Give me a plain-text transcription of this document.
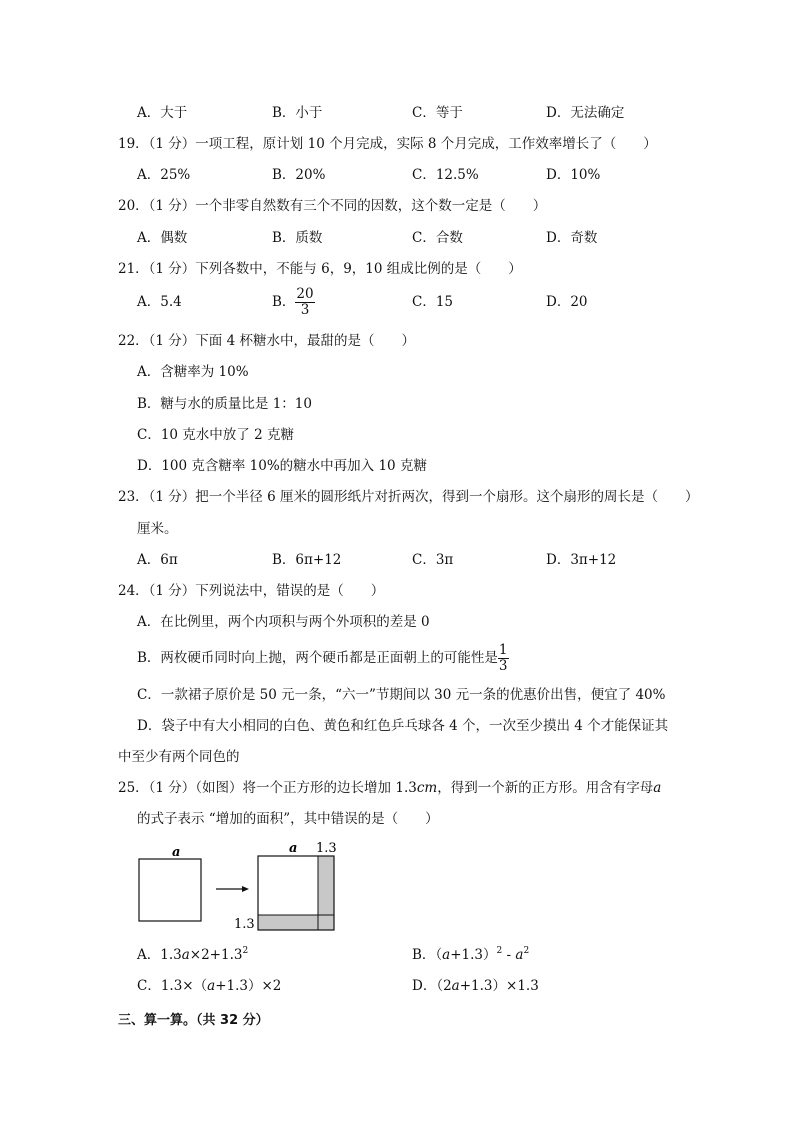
A．大于	B．小于	C．等于	D．无法确定
19．（1 分）一项工程，原计划 10 个月完成，实际 8 个月完成，工作效率增长了（　　）
A．25%	B．20%	C．12.5%	D．10%
20．（1 分）一个非零自然数有三个不同的因数，这个数一定是（　　）
A．偶数	B．质数	C．合数	D．奇数
21．（1 分）下列各数中，不能与 6，9，10 组成比例的是（　　）
A．5.4	B． $\frac{20}{3}$	C．15	D．20
22．（1 分）下面 4 杯糖水中，最甜的是（　　）
A．含糖率为 10%
B．糖与水的质量比是 1：10
C．10 克水中放了 2 克糖
D．100 克含糖率 10%的糖水中再加入 10 克糖
23．（1 分）把一个半径 6 厘米的圆形纸片对折两次，得到一个扇形。这个扇形的周长是（　　）
厘米。
A．6π	B．6π+12	C．3π	D．3π+12
24．（1 分）下列说法中，错误的是（　　）
A．在比例里，两个内项积与两个外项积的差是 0
B．两枚硬币同时向上抛，两个硬币都是正面朝上的可能性是 $\frac{1}{3}$
C．一款裙子原价是 50 元一条，“六一”节期间以 30 元一条的优惠价出售，便宜了 40%
D．袋子中有大小相同的白色、黄色和红色乒乓球各 4 个，一次至少摸出 4 个才能保证其
中至少有两个同色的
25．（1 分）（如图）将一个正方形的边长增加 1.3cm，得到一个新的正方形。用含有字母a
的式子表示 “增加的面积”，其中错误的是（　　）
a	a 1.3
1.3
A．$1.3a\times 2+1.3^2$	B．$(a+1.3)^2 - a^2$
C．1.3×（a+1.3）×2	D．（2a+1.3）×1.3
三、算一算。（共 32 分）
